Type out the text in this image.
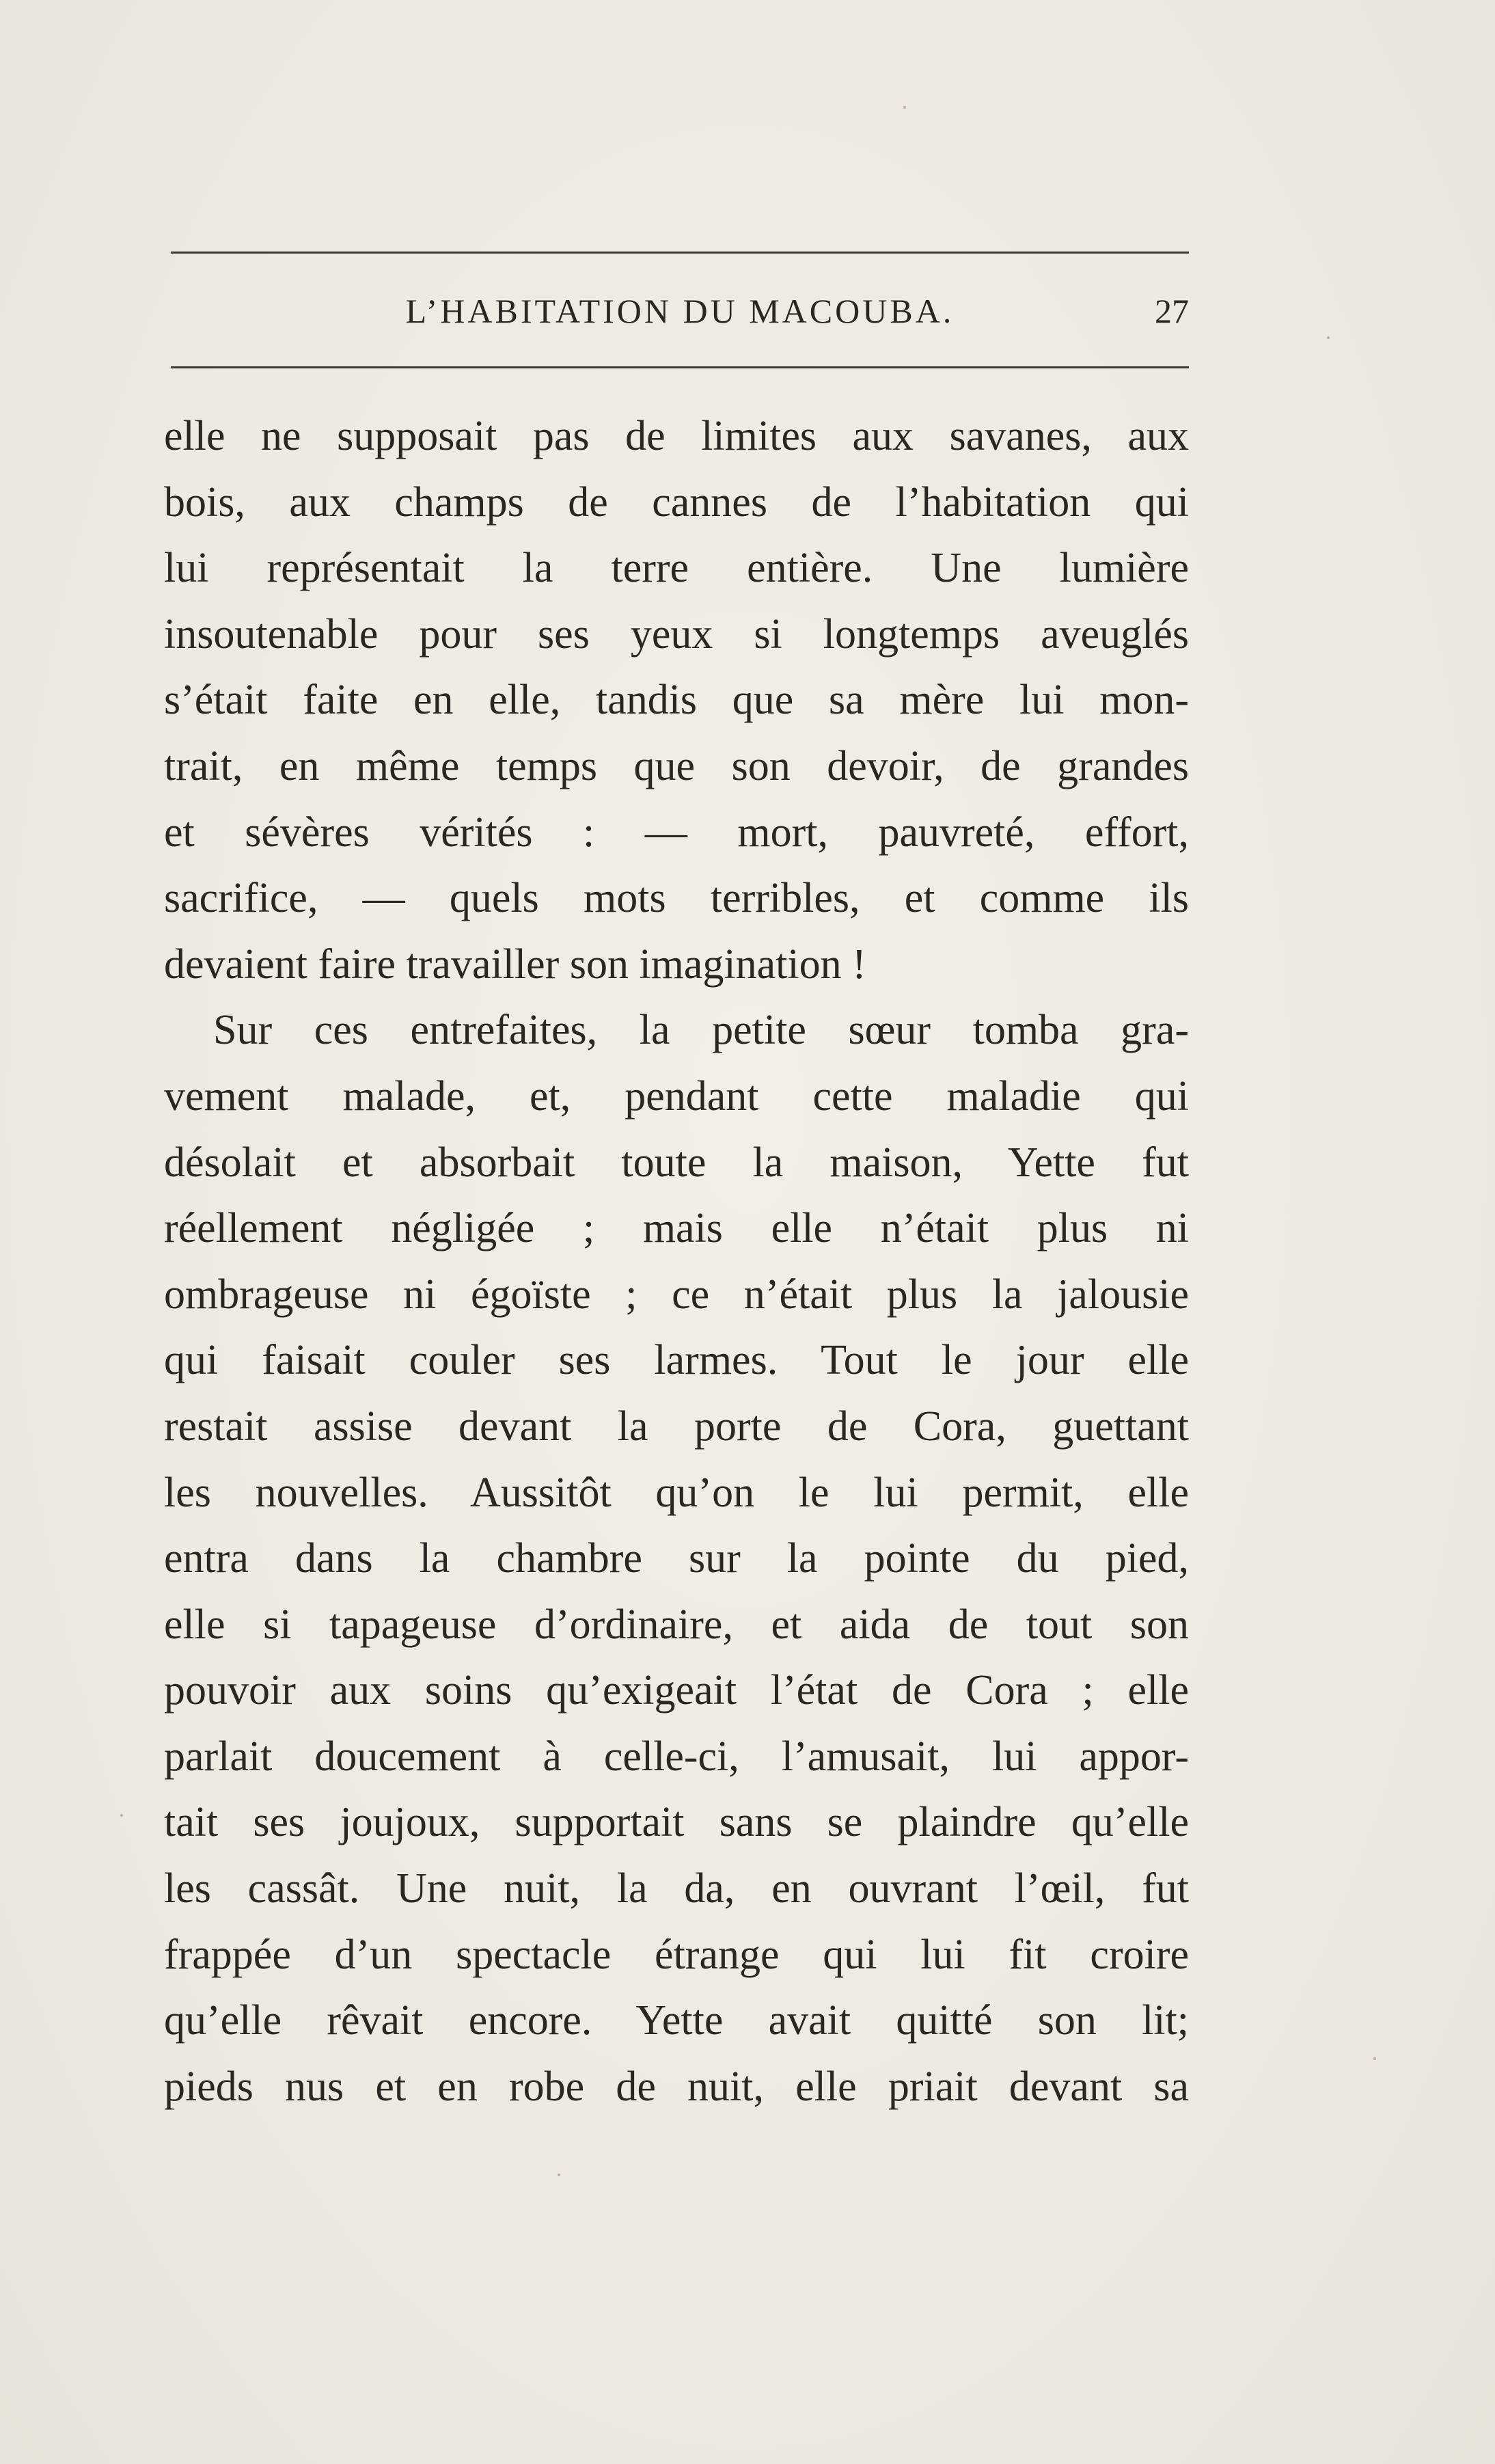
L’HABITATION DU MACOUBA.	27
elle ne supposait pas de limites aux savanes, aux
bois, aux champs de cannes de l’habitation qui
lui représentait la terre entière. Une lumière
insoutenable pour ses yeux si longtemps aveuglés
s’était faite en elle, tandis que sa mère lui mon-
trait, en même temps que son devoir, de grandes
et sévères vérités : — mort, pauvreté, effort,
sacrifice, — quels mots terribles, et comme ils
devaient faire travailler son imagination !
Sur ces entrefaites, la petite sœur tomba gra-
vement malade, et, pendant cette maladie qui
désolait et absorbait toute la maison, Yette fut
réellement négligée ; mais elle n’était plus ni
ombrageuse ni égoïste ; ce n’était plus la jalousie
qui faisait couler ses larmes. Tout le jour elle
restait assise devant la porte de Cora, guettant
les nouvelles. Aussitôt qu’on le lui permit, elle
entra dans la chambre sur la pointe du pied,
elle si tapageuse d’ordinaire, et aida de tout son
pouvoir aux soins qu’exigeait l’état de Cora ; elle
parlait doucement à celle-ci, l’amusait, lui appor-
tait ses joujoux, supportait sans se plaindre qu’elle
les cassât. Une nuit, la da, en ouvrant l’œil, fut
frappée d’un spectacle étrange qui lui fit croire
qu’elle rêvait encore. Yette avait quitté son lit;
pieds nus et en robe de nuit, elle priait devant sa
